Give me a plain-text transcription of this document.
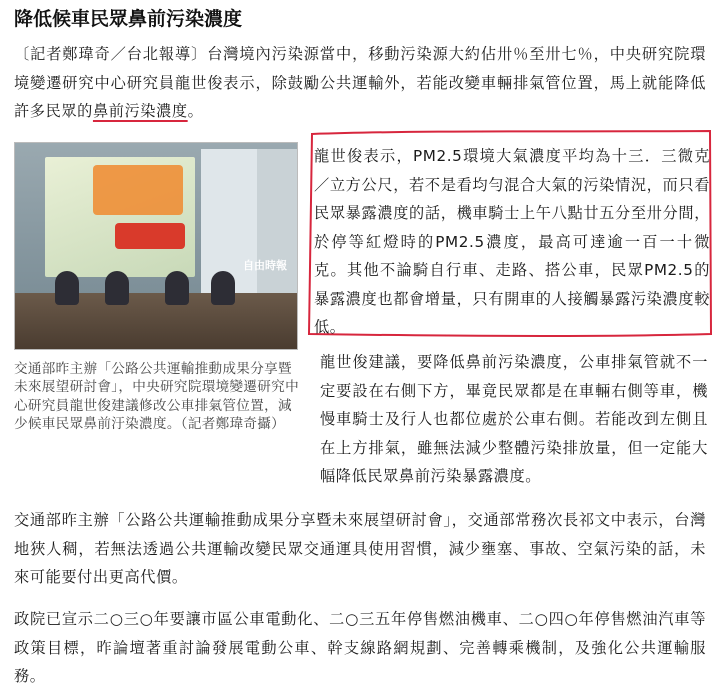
降低候車民眾鼻前污染濃度

〔記者鄭瑋奇／台北報導〕台灣境內污染源當中，移動污染源大約佔卅％至卅七％，中央研究院環境變遷研究中心研究員龍世俊表示，除鼓勵公共運輸外，若能改變車輛排氣管位置，馬上就能降低許多民眾的鼻前污染濃度。

自由時報
交通部昨主辦「公路公共運輸推動成果分享暨未來展望研討會」，中央研究院環境變遷研究中心研究員龍世俊建議修改公車排氣管位置，減少候車民眾鼻前汙染濃度。（記者鄭瑋奇攝）

龍世俊表示，PM2.5環境大氣濃度平均為十三．三微克／立方公尺，若不是看均勻混合大氣的污染情況，而只看民眾暴露濃度的話，機車騎士上午八點廿五分至卅分間，於停等紅燈時的PM2.5濃度，最高可達逾一百一十微克。其他不論騎自行車、走路、搭公車，民眾PM2.5的暴露濃度也都會增量，只有開車的人接觸暴露污染濃度較低。

龍世俊建議，要降低鼻前污染濃度，公車排氣管就不一定要設在右側下方，畢竟民眾都是在車輛右側等車，機慢車騎士及行人也都位處於公車右側。若能改到左側且在上方排氣，雖無法減少整體污染排放量，但一定能大幅降低民眾鼻前污染暴露濃度。

交通部昨主辦「公路公共運輸推動成果分享暨未來展望研討會」，交通部常務次長祁文中表示，台灣地狹人稠，若無法透過公共運輸改變民眾交通運具使用習慣，減少壅塞、事故、空氣污染的話，未來可能要付出更高代價。

政院已宣示二○三○年要讓市區公車電動化、二○三五年停售燃油機車、二○四○年停售燃油汽車等政策目標，昨論壇著重討論發展電動公車、幹支線路網規劃、完善轉乘機制，及強化公共運輸服務。
